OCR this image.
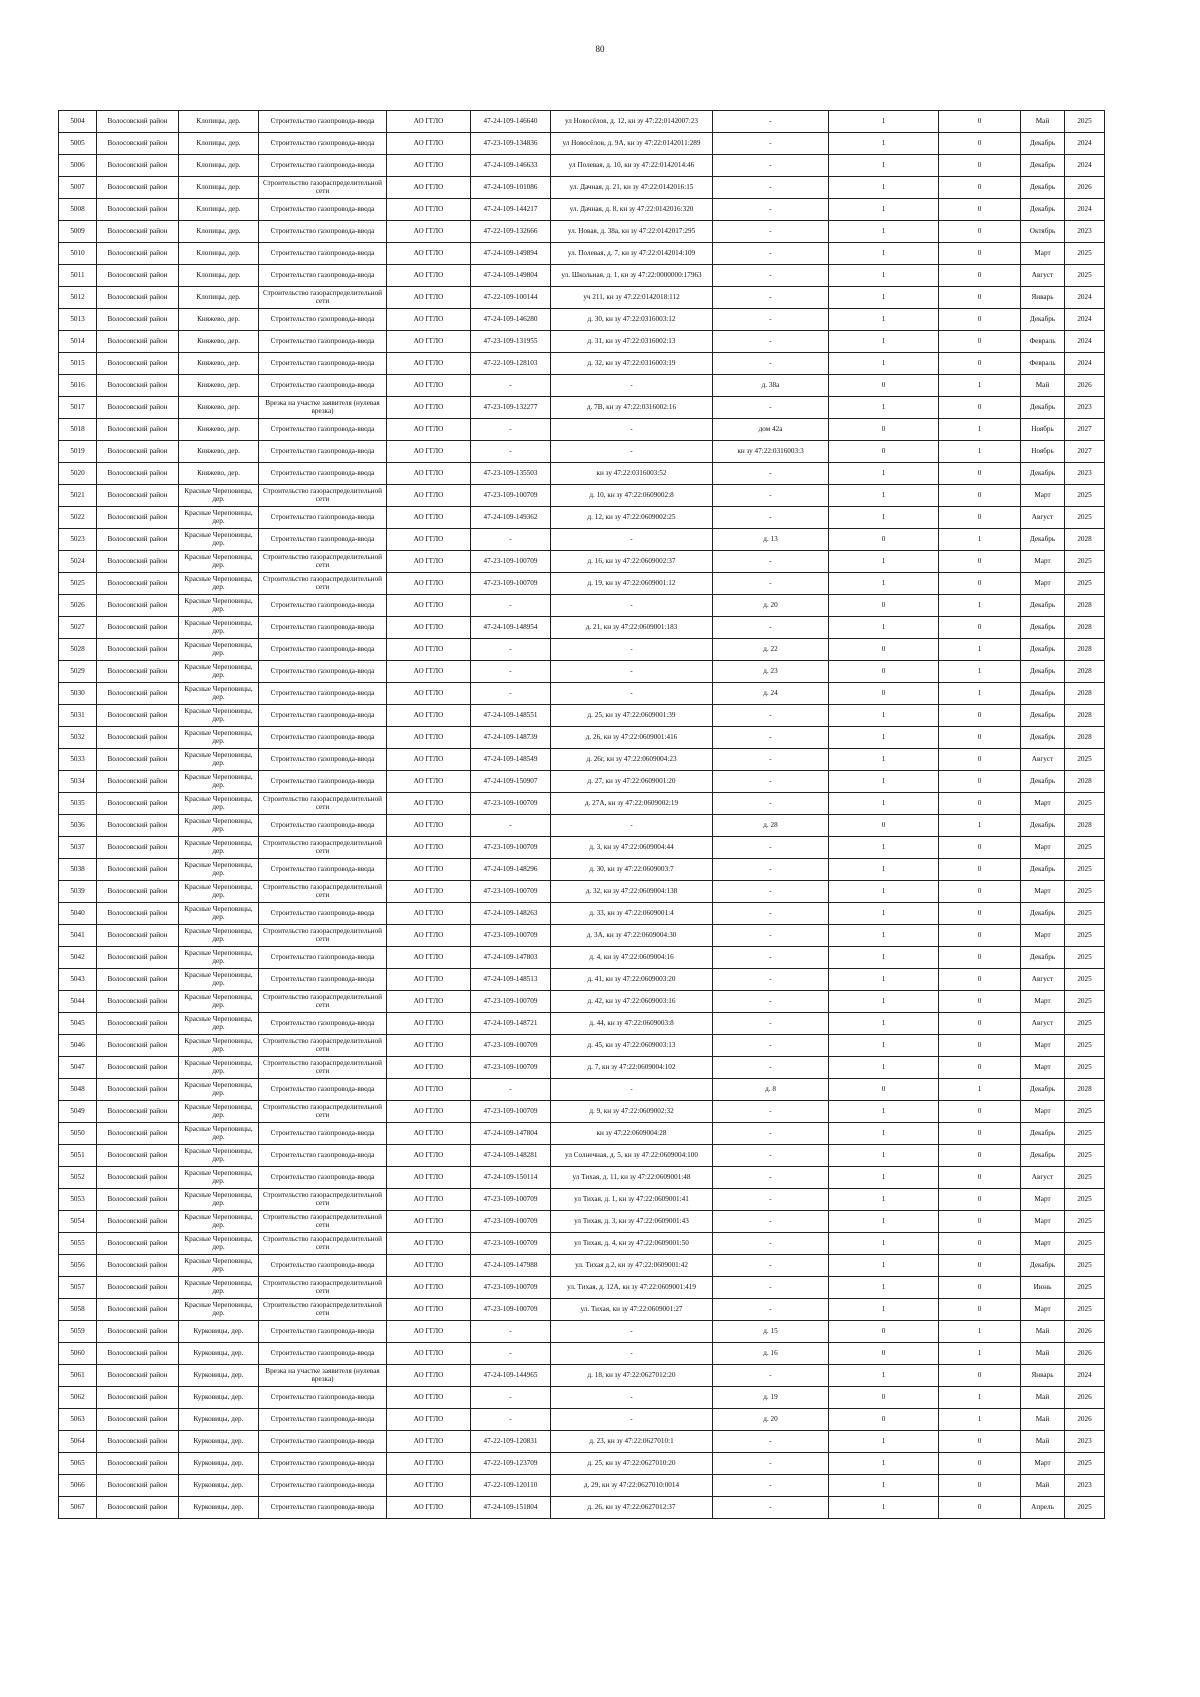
80
5004	Волосовский район	Клопицы, дер.	Строительство газопровода-ввода	АО ГГЛО	47-24-109-146640	ул Новосёлов, д. 12, кн зу 47:22:0142007:23	-	1	0	Май	2025
5005	Волосовский район	Клопицы, дер.	Строительство газопровода-ввода	АО ГГЛО	47-23-109-134836	ул Новосёлов, д. 9А, кн зу 47:22:0142011:289	-	1	0	Декабрь	2024
5006	Волосовский район	Клопицы, дер.	Строительство газопровода-ввода	АО ГГЛО	47-24-109-146633	ул Полевая, д. 10, кн зу 47:22:0142014:46	-	1	0	Декабрь	2024
5007	Волосовский район	Клопицы, дер.	Строительство газораспределительной сети	АО ГГЛО	47-24-109-101086	ул. Дачная, д. 21, кн зу 47:22:0142016:15	-	1	0	Декабрь	2026
5008	Волосовский район	Клопицы, дер.	Строительство газопровода-ввода	АО ГГЛО	47-24-109-144217	ул. Дачная, д. 8, кн зу 47:22:0142016:320	-	1	0	Декабрь	2024
5009	Волосовский район	Клопицы, дер.	Строительство газопровода-ввода	АО ГГЛО	47-22-109-132666	ул. Новая, д. 38а, кн зу 47:22:0142017:295	-	1	0	Октябрь	2023
5010	Волосовский район	Клопицы, дер.	Строительство газопровода-ввода	АО ГГЛО	47-24-109-149894	ул. Полевая, д. 7, кн зу 47:22:0142014:109	-	1	0	Март	2025
5011	Волосовский район	Клопицы, дер.	Строительство газопровода-ввода	АО ГГЛО	47-24-109-149804	ул. Школьная, д. 1, кн зу 47:22:0000000:17963	-	1	0	Август	2025
5012	Волосовский район	Клопицы, дер.	Строительство газораспределительной сети	АО ГГЛО	47-22-109-100144	уч 211, кн зу 47:22:0142018:112	-	1	0	Январь	2024
5013	Волосовский район	Княжево, дер.	Строительство газопровода-ввода	АО ГГЛО	47-24-109-146280	д. 30, кн зу 47:22:0316003:12	-	1	0	Декабрь	2024
5014	Волосовский район	Княжево, дер.	Строительство газопровода-ввода	АО ГГЛО	47-23-109-131955	д. 31, кн зу 47:22:0316002:13	-	1	0	Февраль	2024
5015	Волосовский район	Княжево, дер.	Строительство газопровода-ввода	АО ГГЛО	47-22-109-128103	д. 32, кн зу 47:22:0316003:19	-	1	0	Февраль	2024
5016	Волосовский район	Княжево, дер.	Строительство газопровода-ввода	АО ГГЛО	-	-	д. 38а	0	1	Май	2026
5017	Волосовский район	Княжево, дер.	Врезка на участке заявителя (нулевая врезка)	АО ГГЛО	47-23-109-132277	д. 7В, кн зу 47:22:0316002:16	-	1	0	Декабрь	2023
5018	Волосовский район	Княжево, дер.	Строительство газопровода-ввода	АО ГГЛО	-	-	дом 42а	0	1	Ноябрь	2027
5019	Волосовский район	Княжево, дер.	Строительство газопровода-ввода	АО ГГЛО	-	-	кн зу 47:22:0316003:3	0	1	Ноябрь	2027
5020	Волосовский район	Княжево, дер.	Строительство газопровода-ввода	АО ГГЛО	47-23-109-135503	кн зу 47:22:0316003:52	-	1	0	Декабрь	2023
5021	Волосовский район	Красные Череповицы, дер.	Строительство газораспределительной сети	АО ГГЛО	47-23-109-100709	д. 10, кн зу 47:22:0609002:8	-	1	0	Март	2025
5022	Волосовский район	Красные Череповицы, дер.	Строительство газопровода-ввода	АО ГГЛО	47-24-109-149362	д. 12, кн зу 47:22:0609002:25	-	1	0	Август	2025
5023	Волосовский район	Красные Череповицы, дер.	Строительство газопровода-ввода	АО ГГЛО	-	-	д. 13	0	1	Декабрь	2028
5024	Волосовский район	Красные Череповицы, дер.	Строительство газораспределительной сети	АО ГГЛО	47-23-109-100709	д. 16, кн зу 47:22:0609002:37	-	1	0	Март	2025
5025	Волосовский район	Красные Череповицы, дер.	Строительство газораспределительной сети	АО ГГЛО	47-23-109-100709	д. 19, кн зу 47:22:0609001:12	-	1	0	Март	2025
5026	Волосовский район	Красные Череповицы, дер.	Строительство газопровода-ввода	АО ГГЛО	-	-	д. 20	0	1	Декабрь	2028
5027	Волосовский район	Красные Череповицы, дер.	Строительство газопровода-ввода	АО ГГЛО	47-24-109-148954	д. 21, кн зу 47:22:0609001:183	-	1	0	Декабрь	2028
5028	Волосовский район	Красные Череповицы, дер.	Строительство газопровода-ввода	АО ГГЛО	-	-	д. 22	0	1	Декабрь	2028
5029	Волосовский район	Красные Череповицы, дер.	Строительство газопровода-ввода	АО ГГЛО	-	-	д. 23	0	1	Декабрь	2028
5030	Волосовский район	Красные Череповицы, дер.	Строительство газопровода-ввода	АО ГГЛО	-	-	д. 24	0	1	Декабрь	2028
5031	Волосовский район	Красные Череповицы, дер.	Строительство газопровода-ввода	АО ГГЛО	47-24-109-148551	д. 25, кн зу 47:22:0609001:39	-	1	0	Декабрь	2028
5032	Волосовский район	Красные Череповицы, дер.	Строительство газопровода-ввода	АО ГГЛО	47-24-109-148739	д. 26, кн зу 47:22:0609001:416	-	1	0	Декабрь	2028
5033	Волосовский район	Красные Череповицы, дер.	Строительство газопровода-ввода	АО ГГЛО	47-24-109-148549	д. 26г, кн зу 47:22:0609004:23	-	1	0	Август	2025
5034	Волосовский район	Красные Череповицы, дер.	Строительство газопровода-ввода	АО ГГЛО	47-24-109-150907	д. 27, кн зу 47:22:0609001:20	-	1	0	Декабрь	2028
5035	Волосовский район	Красные Череповицы, дер.	Строительство газораспределительной сети	АО ГГЛО	47-23-109-100709	д. 27А, кн зу 47:22:0609002:19	-	1	0	Март	2025
5036	Волосовский район	Красные Череповицы, дер.	Строительство газопровода-ввода	АО ГГЛО	-	-	д. 28	0	1	Декабрь	2028
5037	Волосовский район	Красные Череповицы, дер.	Строительство газораспределительной сети	АО ГГЛО	47-23-109-100709	д. 3, кн зу 47:22:0609004:44	-	1	0	Март	2025
5038	Волосовский район	Красные Череповицы, дер.	Строительство газопровода-ввода	АО ГГЛО	47-24-109-148296	д. 30, кн зу 47:22:0609003:7	-	1	0	Декабрь	2025
5039	Волосовский район	Красные Череповицы, дер.	Строительство газораспределительной сети	АО ГГЛО	47-23-109-100709	д. 32, кн зу 47:22:0609004:138	-	1	0	Март	2025
5040	Волосовский район	Красные Череповицы, дер.	Строительство газопровода-ввода	АО ГГЛО	47-24-109-148263	д. 33, кн зу 47:22:0609001:4	-	1	0	Декабрь	2025
5041	Волосовский район	Красные Череповицы, дер.	Строительство газораспределительной сети	АО ГГЛО	47-23-109-100709	д. 3А, кн зу 47:22:0609004:30	-	1	0	Март	2025
5042	Волосовский район	Красные Череповицы, дер.	Строительство газопровода-ввода	АО ГГЛО	47-24-109-147803	д. 4, кн зу 47:22:0609004:16	-	1	0	Декабрь	2025
5043	Волосовский район	Красные Череповицы, дер.	Строительство газопровода-ввода	АО ГГЛО	47-24-109-148513	д. 41, кн зу 47:22:0609003:20	-	1	0	Август	2025
5044	Волосовский район	Красные Череповицы, дер.	Строительство газораспределительной сети	АО ГГЛО	47-23-109-100709	д. 42, кн зу 47:22:0609003:16	-	1	0	Март	2025
5045	Волосовский район	Красные Череповицы, дер.	Строительство газопровода-ввода	АО ГГЛО	47-24-109-148721	д. 44, кн зу 47:22:0609003:8	-	1	0	Август	2025
5046	Волосовский район	Красные Череповицы, дер.	Строительство газораспределительной сети	АО ГГЛО	47-23-109-100709	д. 45, кн зу 47:22:0609003:13	-	1	0	Март	2025
5047	Волосовский район	Красные Череповицы, дер.	Строительство газораспределительной сети	АО ГГЛО	47-23-109-100709	д. 7, кн зу 47:22:0609004:102	-	1	0	Март	2025
5048	Волосовский район	Красные Череповицы, дер.	Строительство газопровода-ввода	АО ГГЛО	-	-	д. 8	0	1	Декабрь	2028
5049	Волосовский район	Красные Череповицы, дер.	Строительство газораспределительной сети	АО ГГЛО	47-23-109-100709	д. 9, кн зу 47:22:0609002:32	-	1	0	Март	2025
5050	Волосовский район	Красные Череповицы, дер.	Строительство газопровода-ввода	АО ГГЛО	47-24-109-147804	кн зу 47:22:0609004:28	-	1	0	Декабрь	2025
5051	Волосовский район	Красные Череповицы, дер.	Строительство газопровода-ввода	АО ГГЛО	47-24-109-148281	ул Солнечная, д. 5, кн зу 47:22:0609004:100	-	1	0	Декабрь	2025
5052	Волосовский район	Красные Череповицы, дер.	Строительство газопровода-ввода	АО ГГЛО	47-24-109-150114	ул Тихая, д. 11, кн зу 47:22:0609001:48	-	1	0	Август	2025
5053	Волосовский район	Красные Череповицы, дер.	Строительство газораспределительной сети	АО ГГЛО	47-23-109-100709	ул Тихая, д. 1, кн зу 47:22:0609001:41	-	1	0	Март	2025
5054	Волосовский район	Красные Череповицы, дер.	Строительство газораспределительной сети	АО ГГЛО	47-23-109-100709	ул Тихая, д. 3, кн зу 47:22:0609001:43	-	1	0	Март	2025
5055	Волосовский район	Красные Череповицы, дер.	Строительство газораспределительной сети	АО ГГЛО	47-23-109-100709	ул Тихая, д. 4, кн зу 47:22:0609001:50	-	1	0	Март	2025
5056	Волосовский район	Красные Череповицы, дер.	Строительство газопровода-ввода	АО ГГЛО	47-24-109-147988	ул. Тихая д.2, кн зу 47:22:0609001:42	-	1	0	Декабрь	2025
5057	Волосовский район	Красные Череповицы, дер.	Строительство газораспределительной сети	АО ГГЛО	47-23-109-100709	ул. Тихая, д. 12А, кн зу 47:22:0609001:419	-	1	0	Июнь	2025
5058	Волосовский район	Красные Череповицы, дер.	Строительство газораспределительной сети	АО ГГЛО	47-23-109-100709	ул. Тихая, кн зу 47:22:0609001:27	-	1	0	Март	2025
5059	Волосовский район	Курковицы, дер.	Строительство газопровода-ввода	АО ГГЛО	-	-	д. 15	0	1	Май	2026
5060	Волосовский район	Курковицы, дер.	Строительство газопровода-ввода	АО ГГЛО	-	-	д. 16	0	1	Май	2026
5061	Волосовский район	Курковицы, дер.	Врезка на участке заявителя (нулевая врезка)	АО ГГЛО	47-24-109-144965	д. 18, кн зу 47:22:0627012:20	-	1	0	Январь	2024
5062	Волосовский район	Курковицы, дер.	Строительство газопровода-ввода	АО ГГЛО	-	-	д. 19	0	1	Май	2026
5063	Волосовский район	Курковицы, дер.	Строительство газопровода-ввода	АО ГГЛО	-	-	д. 20	0	1	Май	2026
5064	Волосовский район	Курковицы, дер.	Строительство газопровода-ввода	АО ГГЛО	47-22-109-120831	д. 23, кн зу 47:22:0627010:1	-	1	0	Май	2023
5065	Волосовский район	Курковицы, дер.	Строительство газопровода-ввода	АО ГГЛО	47-22-109-123709	д. 25, кн зу 47:22:0627010:20	-	1	0	Март	2025
5066	Волосовский район	Курковицы, дер.	Строительство газопровода-ввода	АО ГГЛО	47-22-109-120110	д. 29, кн зу 47:22:0627010:0014	-	1	0	Май	2023
5067	Волосовский район	Курковицы, дер.	Строительство газопровода-ввода	АО ГГЛО	47-24-109-151804	д. 26, кн зу 47:22:0627012:37	-	1	0	Апрель	2025
